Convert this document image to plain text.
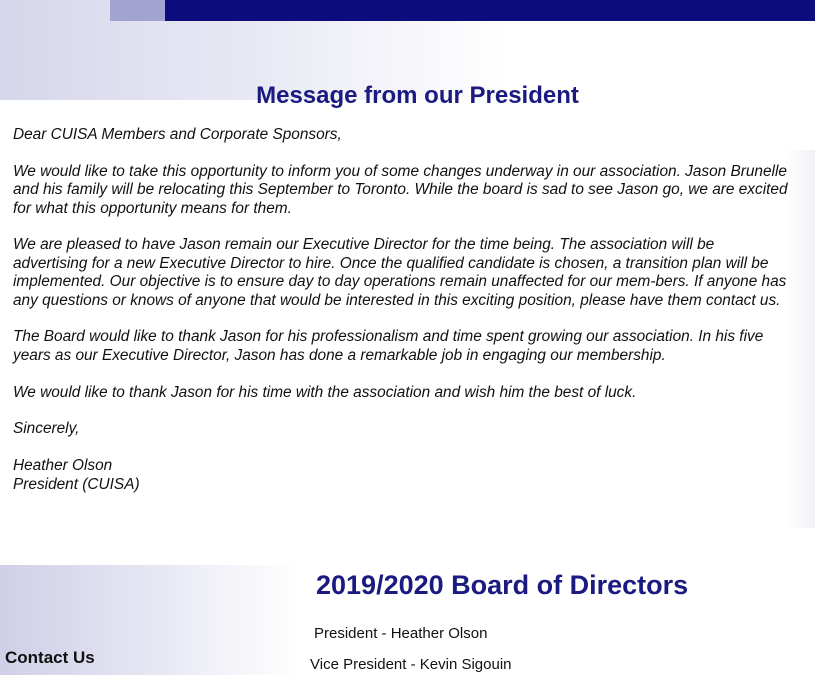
Message from our President

Dear CUISA Members and Corporate Sponsors,

We would like to take this opportunity to inform you of some changes underway in our association. Jason Brunelle and his family will be relocating this September to Toronto. While the board is sad to see Jason go, we are excited for what this opportunity means for them.

We are pleased to have Jason remain our Executive Director for the time being. The association will be advertising for a new Executive Director to hire. Once the qualified candidate is chosen, a transition plan will be implemented. Our objective is to ensure day to day operations remain unaffected for our mem-bers. If anyone has any questions or knows of anyone that would be interested in this exciting position, please have them contact us.

The Board would like to thank Jason for his professionalism and time spent growing our association. In his five years as our Executive Director, Jason has done a remarkable job in engaging our membership.

We would like to thank Jason for his time with the association and wish him the best of luck.

Sincerely,

Heather Olson

President (CUISA)

2019/2020 Board of Directors
President - Heather Olson
Vice President - Kevin Sigouin
Contact Us
